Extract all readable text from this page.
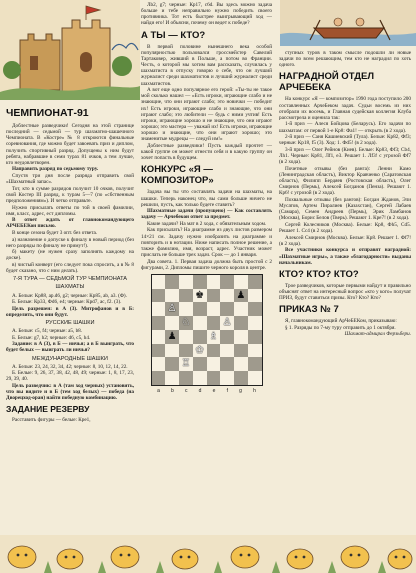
ЧЕМПИОНАТ-91

Доблестные разведчики! Сегодня на этой странице последний — седьмой — тур шахматно-шашечного Чемпионата. В «Костре» № 8 откроются финальные соревнования, где можно будет завоевать приз и диплом, получить спортивный разряд. Допущены к ним будут ребята, набравшие в семи турах 81 очков, а тем лучше, кто неудовлетворен.

Направить разряд по седьмому туру.

Спустя три дня после разряда отправить свой «Шахматный запас».

Тот, кто в сумме разрядов получит 10 очков, получит свой Костер III разряд, к турам 5—7 (по «сбственным предположениям»). И четко отправьте.

Нужно присылать ответы по той в своей фамилии, имя, класс, адрес, ест дипломы.

В ответ ждать от главнокомандующего АРЧЕБЕКон письмо.

В конце сезона будет 3 опт. без ответа.

а) назначение о допуске к финалу в новый период (без него разряды по финалу не примут!).

б) макету (не нужен сразу заполнять каждому на доске).

в) чистый конверт (его следует пока спросить, а в № 8 будет сказано, что с ним делать).

7-Я ТУРА — СЕДЬМОЙ ТУР ЧЕМПИОНАТА

ШАХМАТЫ

А. Белые: Кр88, ap.d6, g2; черные: Кр85, ab, a3. (Ф).

Б. Белые: Кр33, Фd6, e4; черные: Крd7, ac, f2. (3).

Цель разрешен: в А (З). Митрофанов и в Б: определить, что они будут.

РУССКИЕ ШАШКИ

А. Белые: c5, f4; черные: a5, b8.

Б. Белые: g7, h2; черные: d6, c5, h4.

Задание: в А (З), в Б — ничья; а в Б выиграть, что будет белых — выиграть ли ничья?

МЕЖДУНАРОДНЫЕ ШАШКИ

А. Белые: 23, 24, 32, 34, 42; черные: 8, 10, 12, 14, 22.

Б. Белые: 9, 26, 37, 38, 42, 48, 49; черные: 1, 8, 17, 23, 29, 39, 40.

Цель разведчик: в А (там ход черных) установить, что вы видите и в Б (тем ход белых) — победа (на Дворецход-оран) найти победную комбинацию.

ЗАДАНИЕ РЕЗЕРВУ

Расставить фигуры — белые: Кре1,

Лb2, g7; черные: Кр17, с6d. Вы здесь можно задача больше и тебе неправильно нужно победить своего противника. Тот есть быстрее выигрывающий ход — найди его! И объясни, почему он ведет к победе?

А ТЫ — КТО?

В первой половине нынешнего века особой популярностью пользовался гроссмейстер Савелий Тартаковер, живший в Польше, а потом во Франции. Честь, о которой мы хотим вам рассказать, случилась у шахматиста в отпуску говорю о себе, что он лучший журналист среди шахматистов и лучший журналист среди шахматистов.

А вот еще одно популярное его герой: «Ты-ты не такое мой сколько нашел — «Есть игроки, играющие слабо и не знающие, что они играют слабо; это новички — победит их! Есть игроки, играющие слабо и знающие, что они играют слабо; это любители — будь с ними учтив! Есть игроки, играющие хорошо и не знающие, что они играют хорошо; это мастера — уважай их! Есть игроки, играющие хорошо и знающие, что они играют хорошо; это знаменитые мудрецы — следуй им!»

Доблестные разведчики! Пусть каждый прочтет — какой группе он может отнести себя и в какую группу он хочет попасть в будущем.

КОНКУРС «Я — КОМПОЗИТОР»

Задача вы ты что составлять задачи на шахматы, на шашки. Теперь наконец что, вы сами больше ничего не решили, пусть, как только будете ставить?

Шахматные задачи (пропущено) — Как составлять задачу — Арчебекон ответ за предмет.

Какие задачи? На мат в 2 хода, с обязательным ходом.

Как присылать? На диаграмме из двух листов размером 14×21 см. Задачу нужно изобразить на диаграмме и повторить и в нотации. Ниже написать полное решение, а также фамилию, имя, возраст, адрес. Участник может прислать не больше трех задач. Срок — до 1 января.

Два совета. 1. Первая задача должна быть простой с 2 фигурами, 2. Дипломы пишите черного короля в центре.

♚	♟
♙
♘	♙
♟	♗
♔
♖
a b c d e f g h

ступных туров в таком смысле подошли ли новые задачи по всем решающим, тем кто не наградил по хоть одного.

НАГРАДНОЙ ОТДЕЛ АРЧЕБЕКА

На конкурс «Я — композитор» 1990 года поступило 200 составленных АрчеБеком задач. Судьи восемь из них отобрали их восемь, и Главная судейская коллегия Клуба рассмотрела и оценила так:

1-й приз — Алеся Бойцова (Беларусь). Его задачи по шахматам: от первой 1-е Кр8: Фа1! — открыть (в 2 хода).

2-й приз — Саня Кашиевский (Тула). Белые: Кр82, Фf3; черные: Кр18, f5 (3). Ход: 1. Фd5! (в 2 хода).

3-й приз — Олег Рейнов (Киев). Белые: Кр83, Фf3; Сb4, Лh1. Черные: Кр81, Лf1, e3. Решает 1. Лf3! с угрозой Фf7 (в 2 хода).

Почетные отзывы (без ранга): Ленни Камо (Ленинградская область), Виктор Кравченко (Саратовская область), Филипп Бердяев (Ростовская область), Олег Смирнов (Пермь), Алексей Богданов (Пенза). Решают 1. Кр6! с угрозой (в 2 хода).

Похвальные отзывы (без рангов): Богдан Жданов, Эли Мусатов, Артем Пиралиев (Казахстан), Сергей Лабаев (Самара), Семен Андреев (Пермь), Эрик Ламбанов (Москва), Борис Белов (Тверь). Решают 1. Кре7! (в 2 хода).

Сергей Колесников (Москва). Белые: Кр8, Фh5, Сd5. Решает 1. Сс4 (в 2 хода).

Алексей Смирнов (Москва). Белые: Кр8. Решает 1. Фf7! (в 2 хода).

Все участники конкурса и отправят наградной: «Шахматные игры», а также «благодарности» выданы начальникам.

КТО? КТО? КТО?

Трое разведчиков, которые первыми найдут и правильно объяснят ответ на интересный вопрос «кто у кого» получат ПРИЗ, будут ставиться призы. Кто? Кто? Кто?

ПРИКАЗ № 7

Я, главнокомандующий АрЧеБЕКом, приказываю:

§ 1. Разряды по 7-му туру отправить до 1 октября.

Шахмат-адмирал Ферзьбери.
